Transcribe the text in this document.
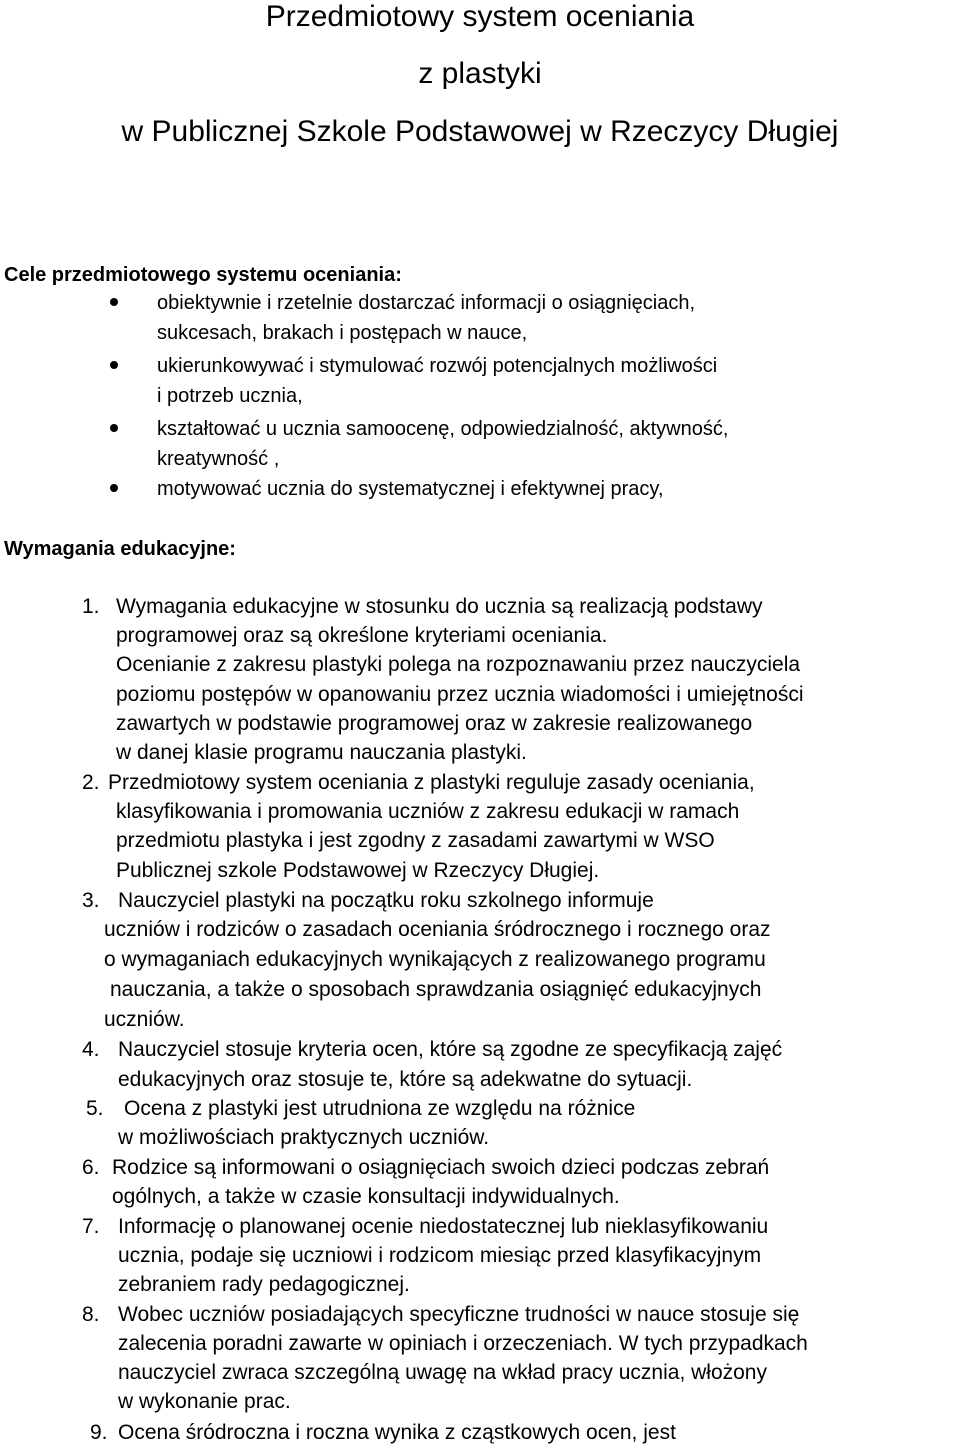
Przedmiotowy system oceniania
z plastyki
w Publicznej Szkole Podstawowej w Rzeczycy Długiej
Cele przedmiotowego systemu oceniania:
obiektywnie i rzetelnie dostarczać informacji o osiągnięciach,
sukcesach, brakach i postępach w nauce,
ukierunkowywać i stymulować rozwój potencjalnych możliwości
i potrzeb ucznia,
kształtować u ucznia samoocenę, odpowiedzialność, aktywność,
kreatywność ,
motywować ucznia do systematycznej i efektywnej pracy,
Wymagania edukacyjne:
1. Wymagania edukacyjne w stosunku do ucznia są realizacją podstawy
programowej oraz są określone kryteriami oceniania.
Ocenianie z zakresu plastyki polega na rozpoznawaniu przez nauczyciela
poziomu postępów w opanowaniu przez ucznia wiadomości i umiejętności
zawartych w podstawie programowej oraz w zakresie realizowanego
w danej klasie programu nauczania plastyki.
2. Przedmiotowy system oceniania z plastyki reguluje zasady oceniania,
klasyfikowania i promowania uczniów z zakresu edukacji w ramach
przedmiotu plastyka i jest zgodny z zasadami zawartymi w WSO
Publicznej szkole Podstawowej w Rzeczycy Długiej.
3. Nauczyciel plastyki na początku roku szkolnego informuje
uczniów i rodziców o zasadach oceniania śródrocznego i rocznego oraz
o wymaganiach edukacyjnych wynikających z realizowanego programu
nauczania, a także o sposobach sprawdzania osiągnięć edukacyjnych
uczniów.
4. Nauczyciel stosuje kryteria ocen, które są zgodne ze specyfikacją zajęć
edukacyjnych oraz stosuje te, które są adekwatne do sytuacji.
5. Ocena z plastyki jest utrudniona ze względu na różnice
w możliwościach praktycznych uczniów.
6. Rodzice są informowani o osiągnięciach swoich dzieci podczas zebrań
ogólnych, a także w czasie konsultacji indywidualnych.
7. Informację o planowanej ocenie niedostatecznej lub nieklasyfikowaniu
ucznia, podaje się uczniowi i rodzicom miesiąc przed klasyfikacyjnym
zebraniem rady pedagogicznej.
8. Wobec uczniów posiadających specyficzne trudności w nauce stosuje się
zalecenia poradni zawarte w opiniach i orzeczeniach. W tych przypadkach
nauczyciel zwraca szczególną uwagę na wkład pracy ucznia, włożony
w wykonanie prac.
9. Ocena śródroczna i roczna wynika z cząstkowych ocen, jest
